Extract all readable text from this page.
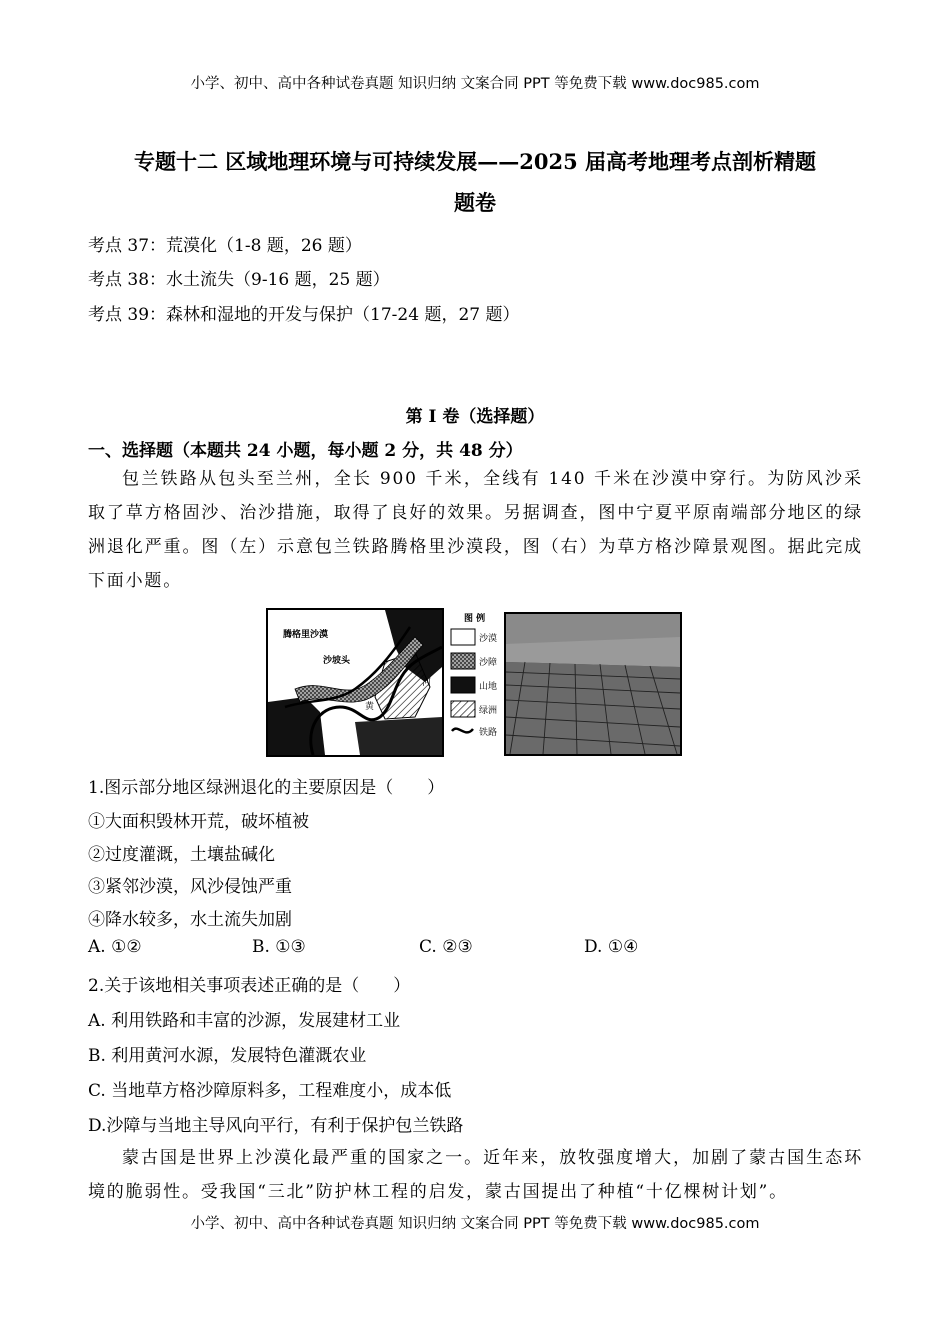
小学、初中、高中各种试卷真题 知识归纳 文案合同 PPT 等免费下载 www.doc985.com
专题十二 区域地理环境与可持续发展——2025 届高考地理考点剖析精题
题卷
考点 37：荒漠化（1-8 题，26 题）
考点 38：水土流失（9-16 题，25 题）
考点 39：森林和湿地的开发与保护（17-24 题，27 题）
第 I 卷（选择题）
一、选择题（本题共 24 小题，每小题 2 分，共 48 分）
包兰铁路从包头至兰州，全长 900 千米，全线有 140 千米在沙漠中穿行。为防风沙采取了草方格固沙、治沙措施，取得了良好的效果。另据调查，图中宁夏平原南端部分地区的绿洲退化严重。图（左）示意包兰铁路腾格里沙漠段，图（右）为草方格沙障景观图。据此完成下面小题。
腾格里沙漠
沙坡头
河
黄
图 例
沙漠
沙障
山地
绿洲
铁路
1.图示部分地区绿洲退化的主要原因是（　　）
①大面积毁林开荒，破坏植被
②过度灌溉，土壤盐碱化
③紧邻沙漠，风沙侵蚀严重
④降水较多，水土流失加剧
A. ①②	B. ①③	C. ②③	D. ①④
2.关于该地相关事项表述正确的是（　　）
A. 利用铁路和丰富的沙源，发展建材工业
B. 利用黄河水源，发展特色灌溉农业
C. 当地草方格沙障原料多，工程难度小，成本低
D.沙障与当地主导风向平行，有利于保护包兰铁路
蒙古国是世界上沙漠化最严重的国家之一。近年来，放牧强度增大，加剧了蒙古国生态环境的脆弱性。受我国“三北”防护林工程的启发，蒙古国提出了种植“十亿棵树计划”。
小学、初中、高中各种试卷真题 知识归纳 文案合同 PPT 等免费下载 www.doc985.com
